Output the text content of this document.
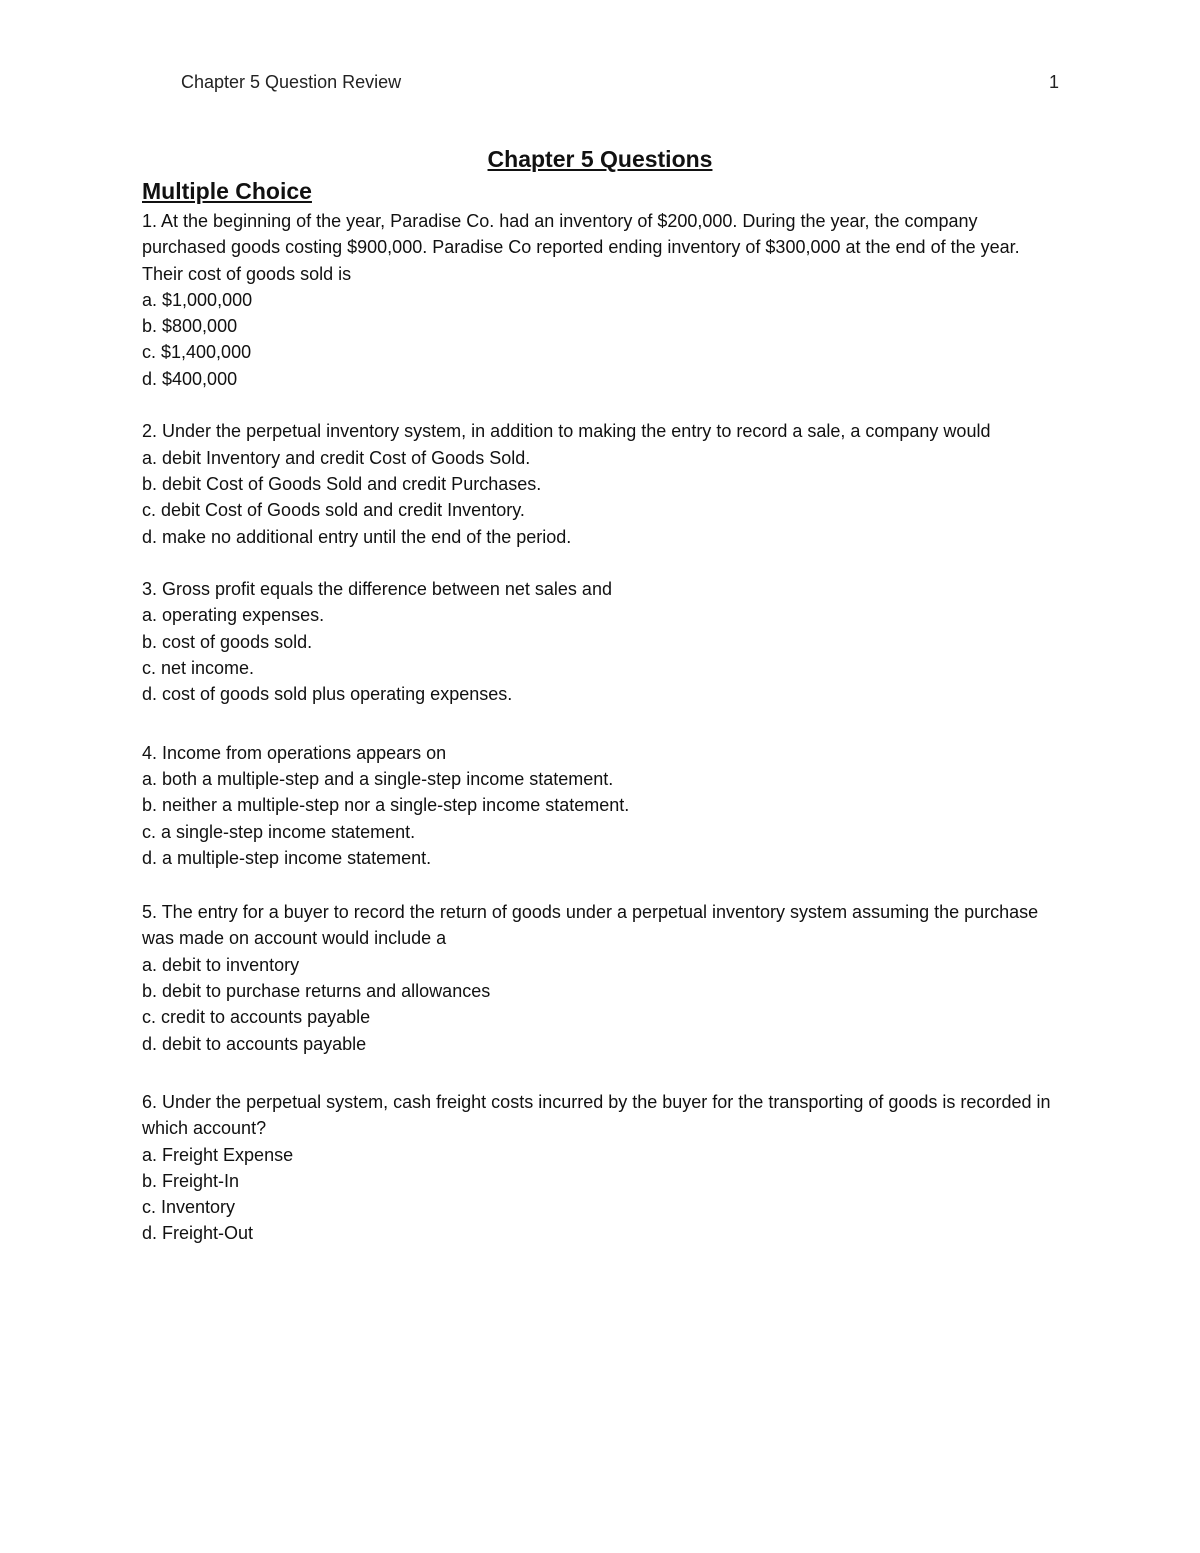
Chapter 5 Question Review	1
Chapter 5 Questions
Multiple Choice

1. At the beginning of the year, Paradise Co. had an inventory of $200,000. During the year, the company purchased goods costing $900,000. Paradise Co reported ending inventory of $300,000 at the end of the year. Their cost of goods sold is

a. $1,000,000
b. $800,000
c. $1,400,000
d. $400,000

2. Under the perpetual inventory system, in addition to making the entry to record a sale, a company would

a. debit Inventory and credit Cost of Goods Sold.
b. debit Cost of Goods Sold and credit Purchases.
c. debit Cost of Goods sold and credit Inventory.
d. make no additional entry until the end of the period.

3. Gross profit equals the difference between net sales and

a. operating expenses.
b. cost of goods sold.
c. net income.
d. cost of goods sold plus operating expenses.

4. Income from operations appears on

a. both a multiple-step and a single-step income statement.
b. neither a multiple-step nor a single-step income statement.
c. a single-step income statement.
d. a multiple-step income statement.

5. The entry for a buyer to record the return of goods under a perpetual inventory system assuming the purchase was made on account would include a

a. debit to inventory
b. debit to purchase returns and allowances
c. credit to accounts payable
d. debit to accounts payable

6. Under the perpetual system, cash freight costs incurred by the buyer for the transporting of goods is recorded in which account?

a. Freight Expense
b. Freight-In
c. Inventory
d. Freight-Out
